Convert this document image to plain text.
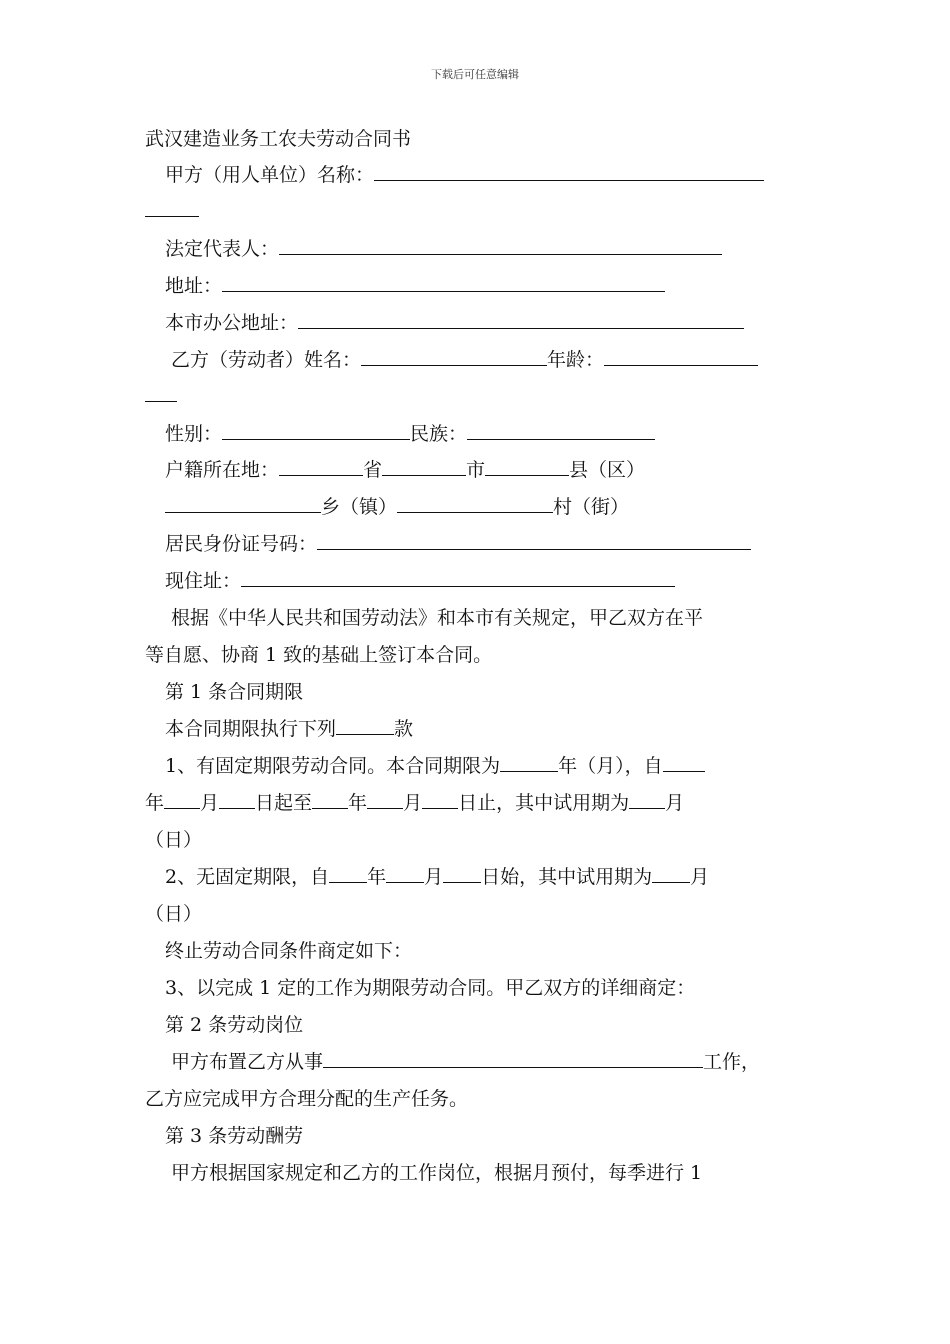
下载后可任意编辑
武汉建造业务工农夫劳动合同书
甲方（用人单位）名称：
法定代表人：
地址：
本市办公地址：
乙方（劳动者）姓名：	年龄：
性别：	民族：
户籍所在地：	省	市	县（区）
乡（镇）	村（街）
居民身份证号码：
现住址：
根据《中华人民共和国劳动法》和本市有关规定，甲乙双方在平
等自愿、协商 1 致的基础上签订本合同。
第 1 条合同期限
本合同期限执行下列	款
1、有固定期限劳动合同。本合同期限为	年（月），自
年 月 日起至 年 月 日止，其中试用期为 月
（日）
2、无固定期限，自 年 月 日始，其中试用期为 月
（日）
终止劳动合同条件商定如下：
3、以完成 1 定的工作为期限劳动合同。甲乙双方的详细商定：
第 2 条劳动岗位
甲方布置乙方从事	工作，
乙方应完成甲方合理分配的生产任务。
第 3 条劳动酬劳
甲方根据国家规定和乙方的工作岗位，根据月预付，每季进行 1
